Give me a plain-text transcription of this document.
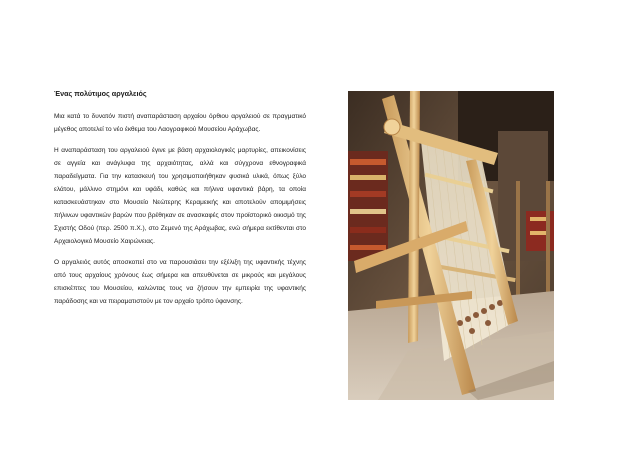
Ένας πολύτιμος αργαλειός

Μια κατά το δυνατόν πιστή αναπαράσταση αρχαίου όρθιου αργαλειού σε πραγματικό μέγεθος αποτελεί το νέο έκθεμα του Λαογραφικού Μουσείου Αράχωβας.

Η αναπαράσταση του αργαλειού έγινε με βάση αρχαιολογικές μαρτυρίες, απεικονίσεις σε αγγεία και ανάγλυφα της αρχαιότητας, αλλά και σύγχρονα εθνογραφικά παραδείγματα. Για την κατασκευή του χρησιμοποιήθηκαν φυσικά υλικά, όπως ξύλο ελάτου, μάλλινο στημόνι και υφάδι, καθώς και πήλινα υφαντικά βάρη, τα οποία κατασκευάστηκαν στο Μουσείο Νεώτερης Κεραμεικής και αποτελούν απομιμήσεις πήλινων υφαντικών βαρών που βρέθηκαν σε ανασκαφές στον προϊστορικό οικισμό της Σχιστής Οδού (περ. 2500 π.Χ.), στο Ζεμενό της Αράχωβας, ενώ σήμερα εκτίθενται στο Αρχαιολογικό Μουσείο Χαιρώνειας.

Ο αργαλειός αυτός αποσκοπεί στο να παρουσιάσει την εξέλιξη της υφαντικής τέχνης από τους αρχαίους χρόνους έως σήμερα και απευθύνεται σε μικρούς και μεγάλους επισκέπτες του Μουσείου, καλώντας τους να ζήσουν την εμπειρία της υφαντικής παράδοσης και να πειραματιστούν με τον αρχαίο τρόπο ύφανσης.
